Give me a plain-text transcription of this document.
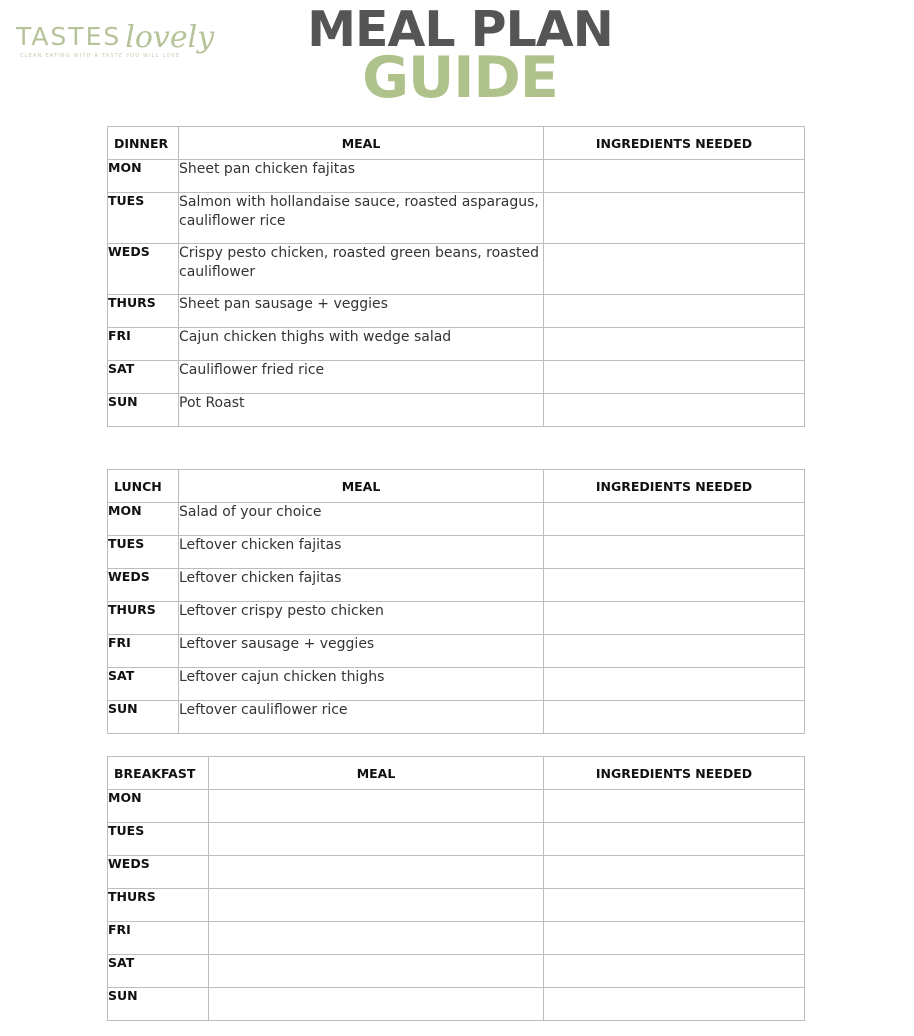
TASTES lovely
CLEAN EATING WITH A TASTE YOU WILL LOVE	MEAL PLAN
GUIDE
DINNER	MEAL	INGREDIENTS NEEDED
MON	Sheet pan chicken fajitas	
TUES	Salmon with hollandaise sauce, roasted asparagus, cauliflower rice	
WEDS	Crispy pesto chicken, roasted green beans, roasted cauliflower	
THURS	Sheet pan sausage + veggies	
FRI	Cajun chicken thighs with wedge salad	
SAT	Cauliflower fried rice	
SUN	Pot Roast	
LUNCH	MEAL	INGREDIENTS NEEDED
MON	Salad of your choice	
TUES	Leftover chicken fajitas	
WEDS	Leftover chicken fajitas	
THURS	Leftover crispy pesto chicken	
FRI	Leftover sausage + veggies	
SAT	Leftover cajun chicken thighs	
SUN	Leftover cauliflower rice	
BREAKFAST	MEAL	INGREDIENTS NEEDED
MON		
TUES		
WEDS		
THURS		
FRI		
SAT		
SUN		
